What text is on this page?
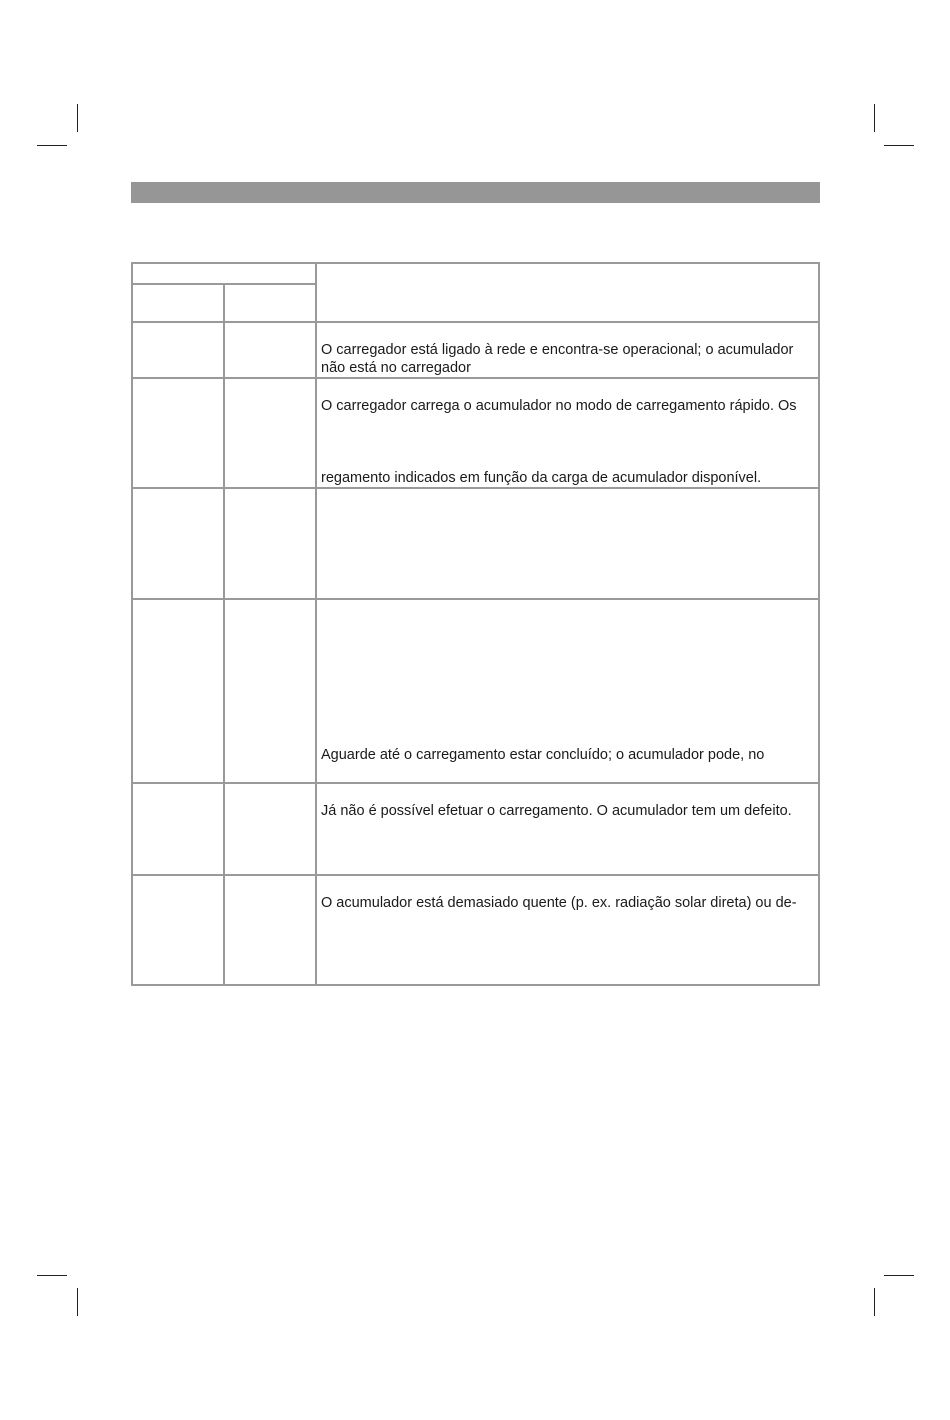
		O carregador está ligado à rede e encontra-se operacional; o acumulador
não está no carregador

		O carregador carrega o acumulador no modo de carregamento rápido. Os
regamento indicados em função da carga de acumulador disponível.

		Aguarde até o carregamento estar concluído; o acumulador pode, no

		Já não é possível efetuar o carregamento. O acumulador tem um defeito.

		O acumulador está demasiado quente (p. ex. radiação solar direta) ou de-
